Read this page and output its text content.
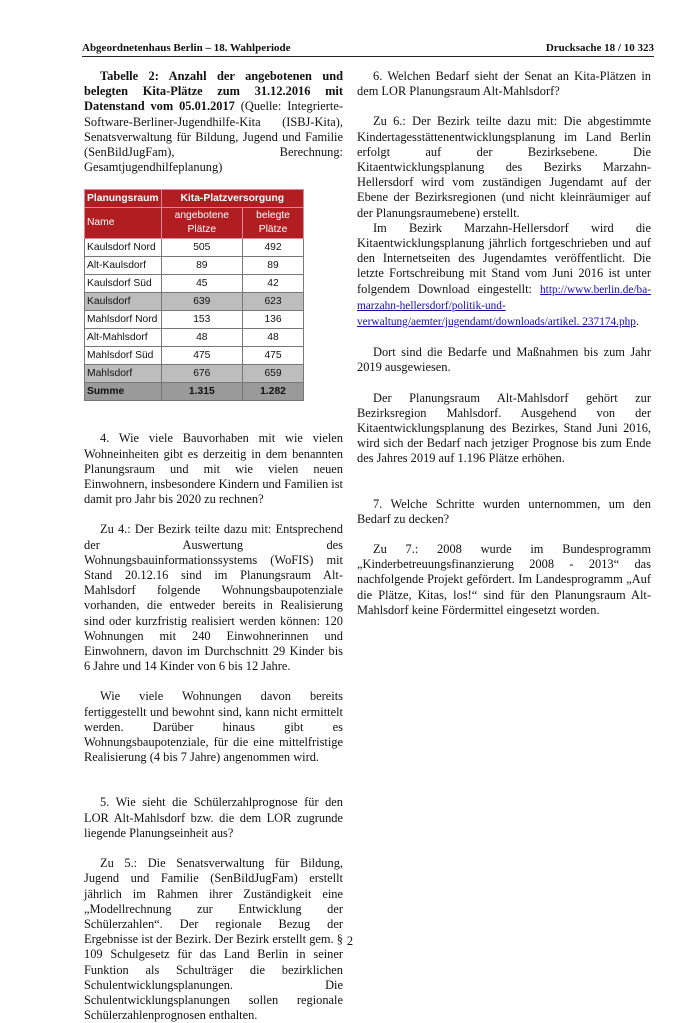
Abgeordnetenhaus Berlin – 18. Wahlperiode	Drucksache 18 / 10 323

Tabelle 2: Anzahl der angebotenen und belegten Kita-Plätze zum 31.12.2016 mit Datenstand vom 05.01.2017 (Quelle: Integrierte-Software-Berliner-Jugendhilfe-Kita (ISBJ-Kita), Senatsverwaltung für Bildung, Jugend und Familie (SenBildJugFam), Berechnung: Gesamtjugendhilfeplanung)

Planungsraum	Kita-Platzversorgung	
Name	angebotene Plätze	belegte Plätze
Kaulsdorf Nord	505	492
Alt-Kaulsdorf	89	89
Kaulsdorf Süd	45	42
Kaulsdorf	639	623
Mahlsdorf Nord	153	136
Alt-Mahlsdorf	48	48
Mahlsdorf Süd	475	475
Mahlsdorf	676	659
Summe	1.315	1.282

4. Wie viele Bauvorhaben mit wie vielen Wohneinheiten gibt es derzeitig in dem benannten Planungsraum und mit wie vielen neuen Einwohnern, insbesondere Kindern und Familien ist damit pro Jahr bis 2020 zu rechnen?

Zu 4.: Der Bezirk teilte dazu mit: Entsprechend der Auswertung des Wohnungsbauinformationssystems (WoFIS) mit Stand 20.12.16 sind im Planungsraum Alt-Mahlsdorf folgende Wohnungsbaupotenziale vorhanden, die entweder bereits in Realisierung sind oder kurzfristig realisiert werden können: 120 Wohnungen mit 240 Einwohnerinnen und Einwohnern, davon im Durchschnitt 29 Kinder bis 6 Jahre und 14 Kinder von 6 bis 12 Jahre.

Wie viele Wohnungen davon bereits fertiggestellt und bewohnt sind, kann nicht ermittelt werden. Darüber hinaus gibt es Wohnungsbaupotenziale, für die eine mittelfristige Realisierung (4 bis 7 Jahre) angenommen wird.

5. Wie sieht die Schülerzahlprognose für den LOR Alt-Mahlsdorf bzw. die dem LOR zugrunde liegende Planungseinheit aus?

Zu 5.: Die Senatsverwaltung für Bildung, Jugend und Familie (SenBildJugFam) erstellt jährlich im Rahmen ihrer Zuständigkeit eine „Modellrechnung zur Entwicklung der Schülerzahlen“. Der regionale Bezug der Ergebnisse ist der Bezirk. Der Bezirk erstellt gem. § 109 Schulgesetz für das Land Berlin in seiner Funktion als Schulträger die bezirklichen Schulentwicklungsplanungen. Die Schulentwicklungsplanungen sollen regionale Schülerzahlenprognosen enthalten.

6. Welchen Bedarf sieht der Senat an Kita-Plätzen in dem LOR Planungsraum Alt-Mahlsdorf?

Zu 6.: Der Bezirk teilte dazu mit: Die abgestimmte Kindertagesstättenentwicklungsplanung im Land Berlin erfolgt auf der Bezirksebene. Die Kitaentwicklungsplanung des Bezirks Marzahn-Hellersdorf wird vom zuständigen Jugendamt auf der Ebene der Bezirksregionen (und nicht kleinräumiger auf der Planungsraumebene) erstellt.

Im Bezirk Marzahn-Hellersdorf wird die Kitaentwicklungsplanung jährlich fortgeschrieben und auf den Internetseiten des Jugendamtes veröffentlicht. Die letzte Fortschreibung mit Stand vom Juni 2016 ist unter folgendem Download eingestellt: http://www.berlin.de/ba-marzahn-hellersdorf/politik-und-verwaltung/aemter/jugendamt/downloads/artikel. 237174.php.

Dort sind die Bedarfe und Maßnahmen bis zum Jahr 2019 ausgewiesen.

Der Planungsraum Alt-Mahlsdorf gehört zur Bezirksregion Mahlsdorf. Ausgehend von der Kitaentwicklungsplanung des Bezirkes, Stand Juni 2016, wird sich der Bedarf nach jetziger Prognose bis zum Ende des Jahres 2019 auf 1.196 Plätze erhöhen.

7. Welche Schritte wurden unternommen, um den Bedarf zu decken?

Zu 7.: 2008 wurde im Bundesprogramm „Kinderbetreuungsfinanzierung 2008 - 2013“ das nachfolgende Projekt gefördert. Im Landesprogramm „Auf die Plätze, Kitas, los!“ sind für den Planungsraum Alt-Mahlsdorf keine Fördermittel eingesetzt worden.

2
